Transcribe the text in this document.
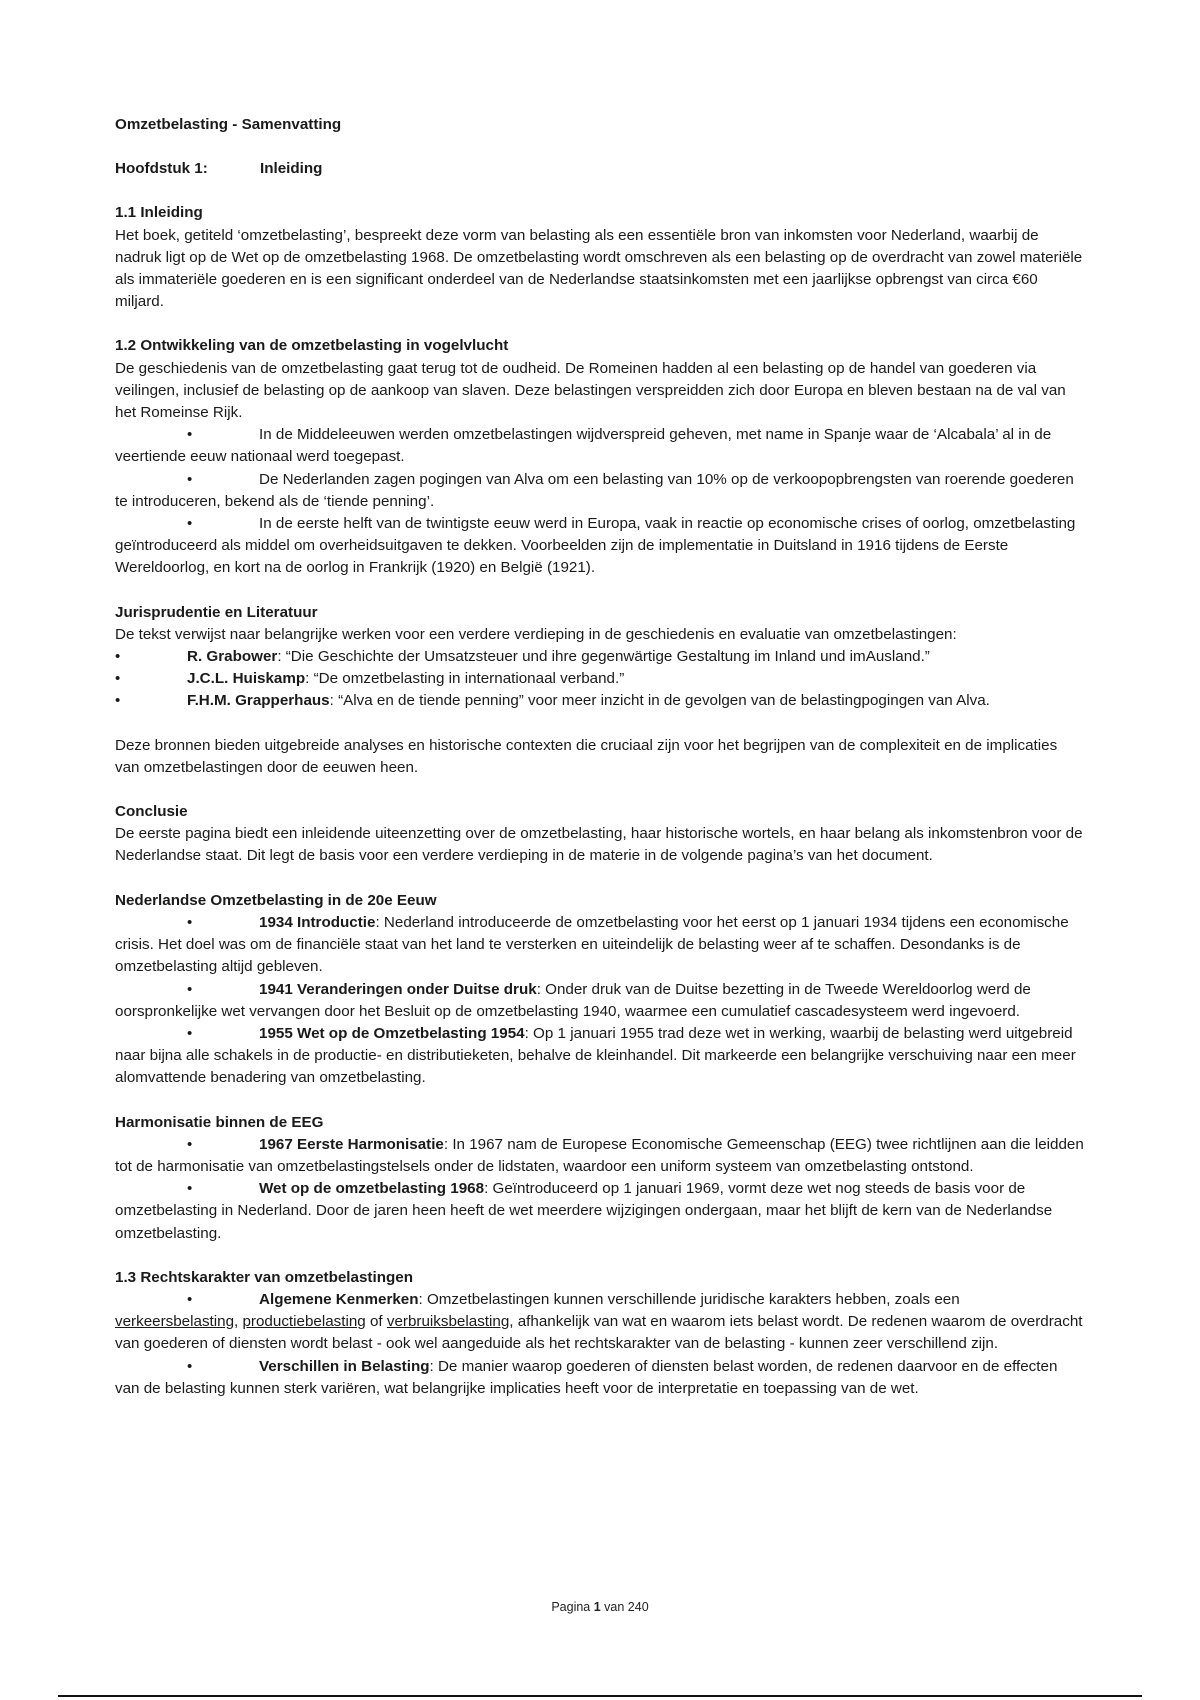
Omzetbelasting - Samenvatting

Hoofdstuk 1:	Inleiding

1.1 Inleiding

Het boek, getiteld ‘omzetbelasting’, bespreekt deze vorm van belasting als een essentiële bron van inkomsten voor Nederland, waarbij de nadruk ligt op de Wet op de omzetbelasting 1968. De omzetbelasting wordt omschreven als een belasting op de overdracht van zowel materiële als immateriële goederen en is een significant onderdeel van de Nederlandse staatsinkomsten met een jaarlijkse opbrengst van circa €60 miljard.

1.2 Ontwikkeling van de omzetbelasting in vogelvlucht

De geschiedenis van de omzetbelasting gaat terug tot de oudheid. De Romeinen hadden al een belasting op de handel van goederen via veilingen, inclusief de belasting op de aankoop van slaven. Deze belastingen verspreidden zich door Europa en bleven bestaan na de val van het Romeinse Rijk.

•	In de Middeleeuwen werden omzetbelastingen wijdverspreid geheven, met name in Spanje waar de ‘Alcabala’ al in de veertiende eeuw nationaal werd toegepast.

•	De Nederlanden zagen pogingen van Alva om een belasting van 10% op de verkoopopbrengsten van roerende goederen te introduceren, bekend als de ‘tiende penning’.

•	In de eerste helft van de twintigste eeuw werd in Europa, vaak in reactie op economische crises of oorlog, omzetbelasting geïntroduceerd als middel om overheidsuitgaven te dekken. Voorbeelden zijn de implementatie in Duitsland in 1916 tijdens de Eerste Wereldoorlog, en kort na de oorlog in Frankrijk (1920) en België (1921).

Jurisprudentie en Literatuur

De tekst verwijst naar belangrijke werken voor een verdere verdieping in de geschiedenis en evaluatie van omzetbelastingen:

•	R. Grabower: “Die Geschichte der Umsatzsteuer und ihre gegenwärtige Gestaltung im Inland und imAusland.”

•	J.C.L. Huiskamp: “De omzetbelasting in internationaal verband.”

•	F.H.M. Grapperhaus: “Alva en de tiende penning” voor meer inzicht in de gevolgen van de belastingpogingen van Alva.

Deze bronnen bieden uitgebreide analyses en historische contexten die cruciaal zijn voor het begrijpen van de complexiteit en de implicaties van omzetbelastingen door de eeuwen heen.

Conclusie

De eerste pagina biedt een inleidende uiteenzetting over de omzetbelasting, haar historische wortels, en haar belang als inkomstenbron voor de Nederlandse staat. Dit legt de basis voor een verdere verdieping in de materie in de volgende pagina’s van het document.

Nederlandse Omzetbelasting in de 20e Eeuw

•	1934 Introductie: Nederland introduceerde de omzetbelasting voor het eerst op 1 januari 1934 tijdens een economische crisis. Het doel was om de financiële staat van het land te versterken en uiteindelijk de belasting weer af te schaffen. Desondanks is de omzetbelasting altijd gebleven.

•	1941 Veranderingen onder Duitse druk: Onder druk van de Duitse bezetting in de Tweede Wereldoorlog werd de oorspronkelijke wet vervangen door het Besluit op de omzetbelasting 1940, waarmee een cumulatief cascadesysteem werd ingevoerd.

•	1955 Wet op de Omzetbelasting 1954: Op 1 januari 1955 trad deze wet in werking, waarbij de belasting werd uitgebreid naar bijna alle schakels in de productie- en distributieketen, behalve de kleinhandel. Dit markeerde een belangrijke verschuiving naar een meer alomvattende benadering van omzetbelasting.

Harmonisatie binnen de EEG

•	1967 Eerste Harmonisatie: In 1967 nam de Europese Economische Gemeenschap (EEG) twee richtlijnen aan die leidden tot de harmonisatie van omzetbelastingstelsels onder de lidstaten, waardoor een uniform systeem van omzetbelasting ontstond.

•	Wet op de omzetbelasting 1968: Geïntroduceerd op 1 januari 1969, vormt deze wet nog steeds de basis voor de omzetbelasting in Nederland. Door de jaren heen heeft de wet meerdere wijzigingen ondergaan, maar het blijft de kern van de Nederlandse omzetbelasting.

1.3 Rechtskarakter van omzetbelastingen

•	Algemene Kenmerken: Omzetbelastingen kunnen verschillende juridische karakters hebben, zoals een verkeersbelasting, productiebelasting of verbruiksbelasting, afhankelijk van wat en waarom iets belast wordt. De redenen waarom de overdracht van goederen of diensten wordt belast - ook wel aangeduide als het rechtskarakter van de belasting - kunnen zeer verschillend zijn.

•	Verschillen in Belasting: De manier waarop goederen of diensten belast worden, de redenen daarvoor en de effecten van de belasting kunnen sterk variëren, wat belangrijke implicaties heeft voor de interpretatie en toepassing van de wet.

Pagina 1 van 240
